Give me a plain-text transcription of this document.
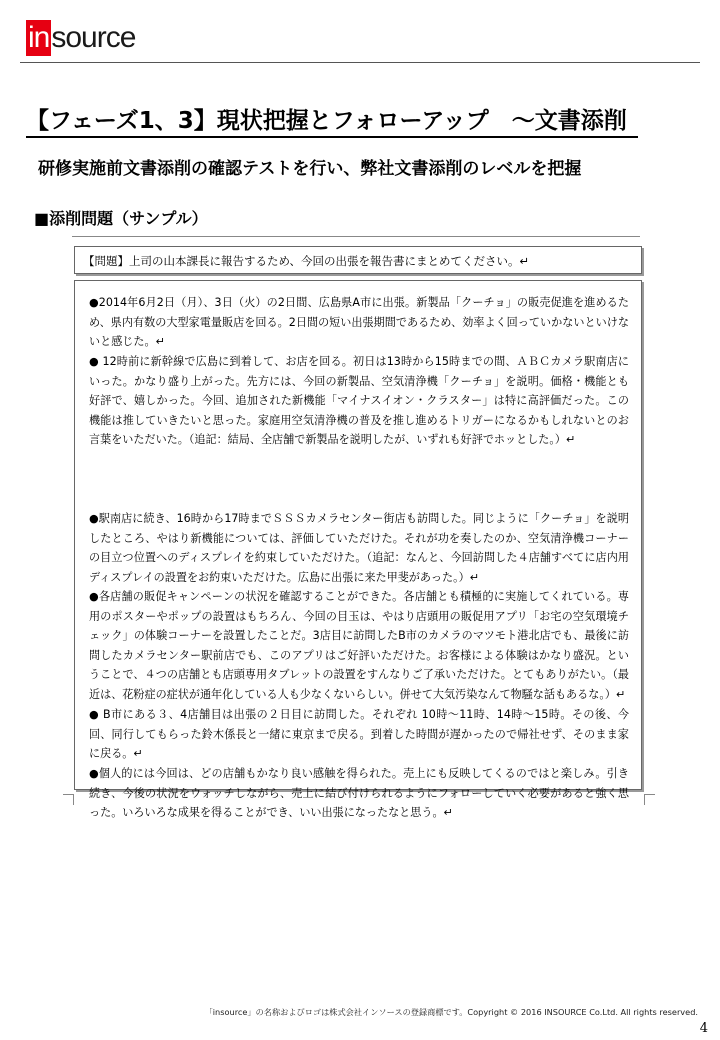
in source
【フェーズ1、3】現状把握とフォローアップ　～文書添削
研修実施前文書添削の確認テストを行い、弊社文書添削のレベルを把握
■添削問題（サンプル）
【問題】上司の山本課長に報告するため、今回の出張を報告書にまとめてください。↵
●2014年6月2日（月）、3日（火）の2日間、広島県A市に出張。新製品「クーチョ」の販売促進を進めるため、県内有数の大型家電量販店を回る。2日間の短い出張期間であるため、効率よく回っていかないといけないと感じた。↵
● 12時前に新幹線で広島に到着して、お店を回る。初日は13時から15時までの間、ＡＢＣカメラ駅南店にいった。かなり盛り上がった。先方には、今回の新製品、空気清浄機「クーチョ」を説明。価格・機能とも好評で、嬉しかった。今回、追加された新機能「マイナスイオン・クラスター」は特に高評価だった。この機能は推していきたいと思った。家庭用空気清浄機の普及を推し進めるトリガーになるかもしれないとのお言葉をいただいた。（追記：結局、全店舗で新製品を説明したが、いずれも好評でホッとした。）↵
●駅南店に続き、16時から17時までＳＳＳカメラセンター街店も訪問した。同じように「クーチョ」を説明したところ、やはり新機能については、評価していただけた。それが功を奏したのか、空気清浄機コーナーの目立つ位置へのディスプレイを約束していただけた。（追記：なんと、今回訪問した４店舗すべてに店内用ディスプレイの設置をお約束いただけた。広島に出張に来た甲斐があった。）↵
●各店舗の販促キャンペーンの状況を確認することができた。各店舗とも積極的に実施してくれている。専用のポスターやポップの設置はもちろん、今回の目玉は、やはり店頭用の販促用アプリ「お宅の空気環境チェック」の体験コーナーを設置したことだ。3店目に訪問したB市のカメラのマツモト港北店でも、最後に訪問したカメラセンター駅前店でも、このアプリはご好評いただけた。お客様による体験はかなり盛況。ということで、４つの店舗とも店頭専用タブレットの設置をすんなりご了承いただけた。とてもありがたい。（最近は、花粉症の症状が通年化している人も少なくないらしい。併せて大気汚染なんて物騒な話もあるな。）↵
● B市にある３、4店舗目は出張の２日目に訪問した。それぞれ 10時～11時、14時～15時。その後、今回、同行してもらった鈴木係長と一緒に東京まで戻る。到着した時間が遅かったので帰社せず、そのまま家に戻る。↵
●個人的には今回は、どの店舗もかなり良い感触を得られた。売上にも反映してくるのではと楽しみ。引き続き、今後の状況をウォッチしながら、売上に結び付けられるようにフォローしていく必要があると強く思った。いろいろな成果を得ることができ、いい出張になったなと思う。↵
「insource」の名称およびロゴは株式会社インソースの登録商標です。Copyright © 2016 INSOURCE Co.Ltd. All rights reserved.
4
